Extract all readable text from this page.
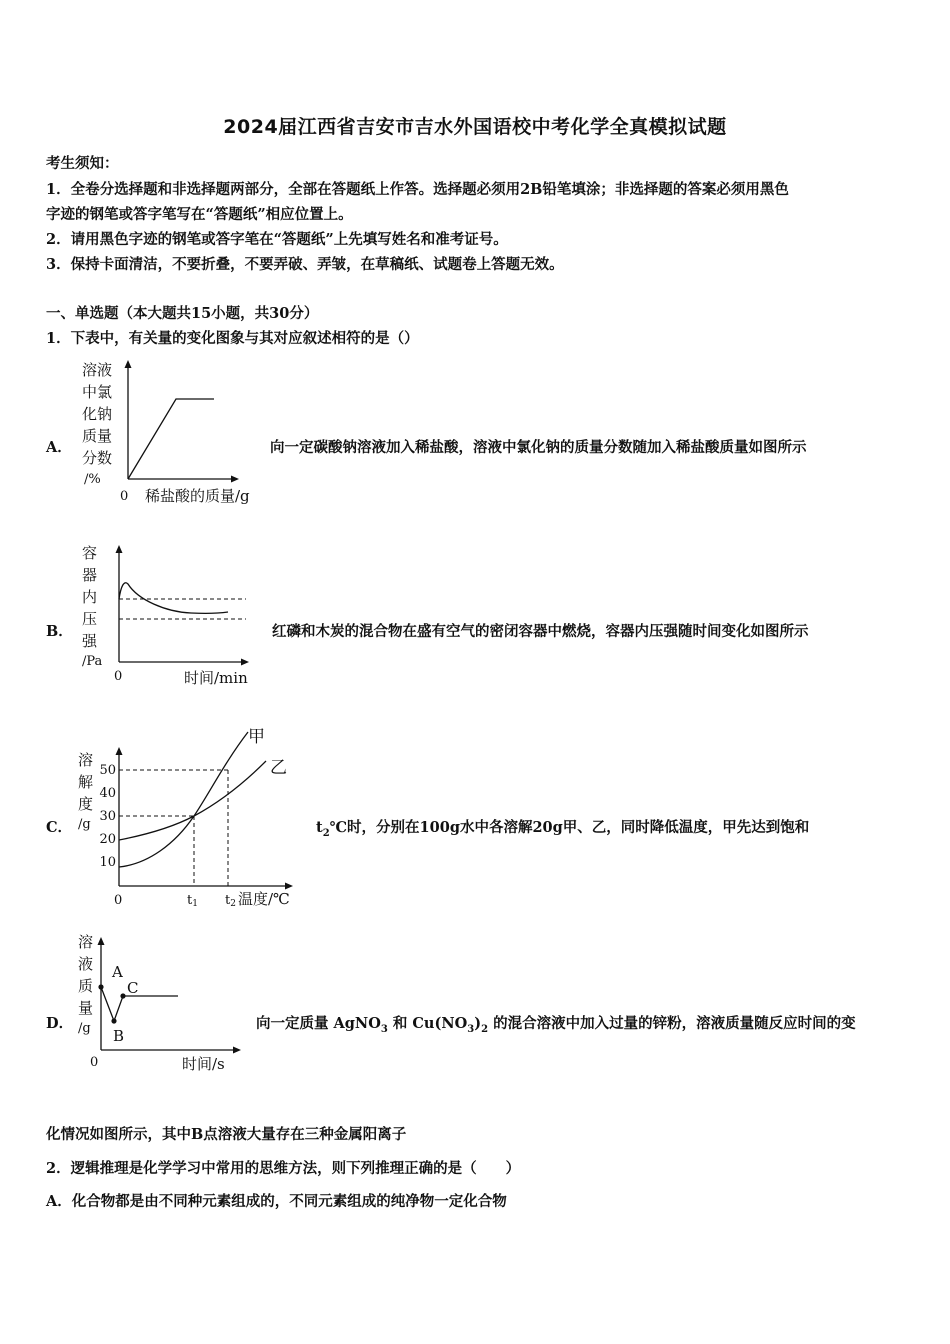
2024届江西省吉安市吉水外国语校中考化学全真模拟试题
考生须知：
1．全卷分选择题和非选择题两部分，全部在答题纸上作答。选择题必须用2B铅笔填涂；非选择题的答案必须用黑色
字迹的钢笔或答字笔写在“答题纸”相应位置上。
2．请用黑色字迹的钢笔或答字笔在“答题纸”上先填写姓名和准考证号。
3．保持卡面清洁，不要折叠，不要弄破、弄皱，在草稿纸、试题卷上答题无效。
一、单选题（本大题共15小题，共30分）
1．下表中，有关量的变化图象与其对应叙述相符的是（）
A．
溶液
中氯
化钠
质量
分数
/%
0 稀盐酸的质量/g
向一定碳酸钠溶液加入稀盐酸，溶液中氯化钠的质量分数随加入稀盐酸质量如图所示
B．
容
器
内
压
强
/Pa
0	时间/min
红磷和木炭的混合物在盛有空气的密闭容器中燃烧，容器内压强随时间变化如图所示
C．
溶
解
度
/g
50
40
30
20
10
甲
乙
0	t1 t2 温度/℃
$t_2℃$时，分别在100g水中各溶解20g甲、乙，同时降低温度，甲先达到饱和
D．
溶
液
质
量
/g
A
B
C
0	时间/s
向一定质量 AgNO$_3$ 和 $Cu(NO_3)_2$ 的混合溶液中加入过量的锌粉，溶液质量随反应时间的变
化情况如图所示，其中B点溶液大量存在三种金属阳离子
2．逻辑推理是化学学习中常用的思维方法，则下列推理正确的是（　　）
A．化合物都是由不同种元素组成的，不同元素组成的纯净物一定化合物
